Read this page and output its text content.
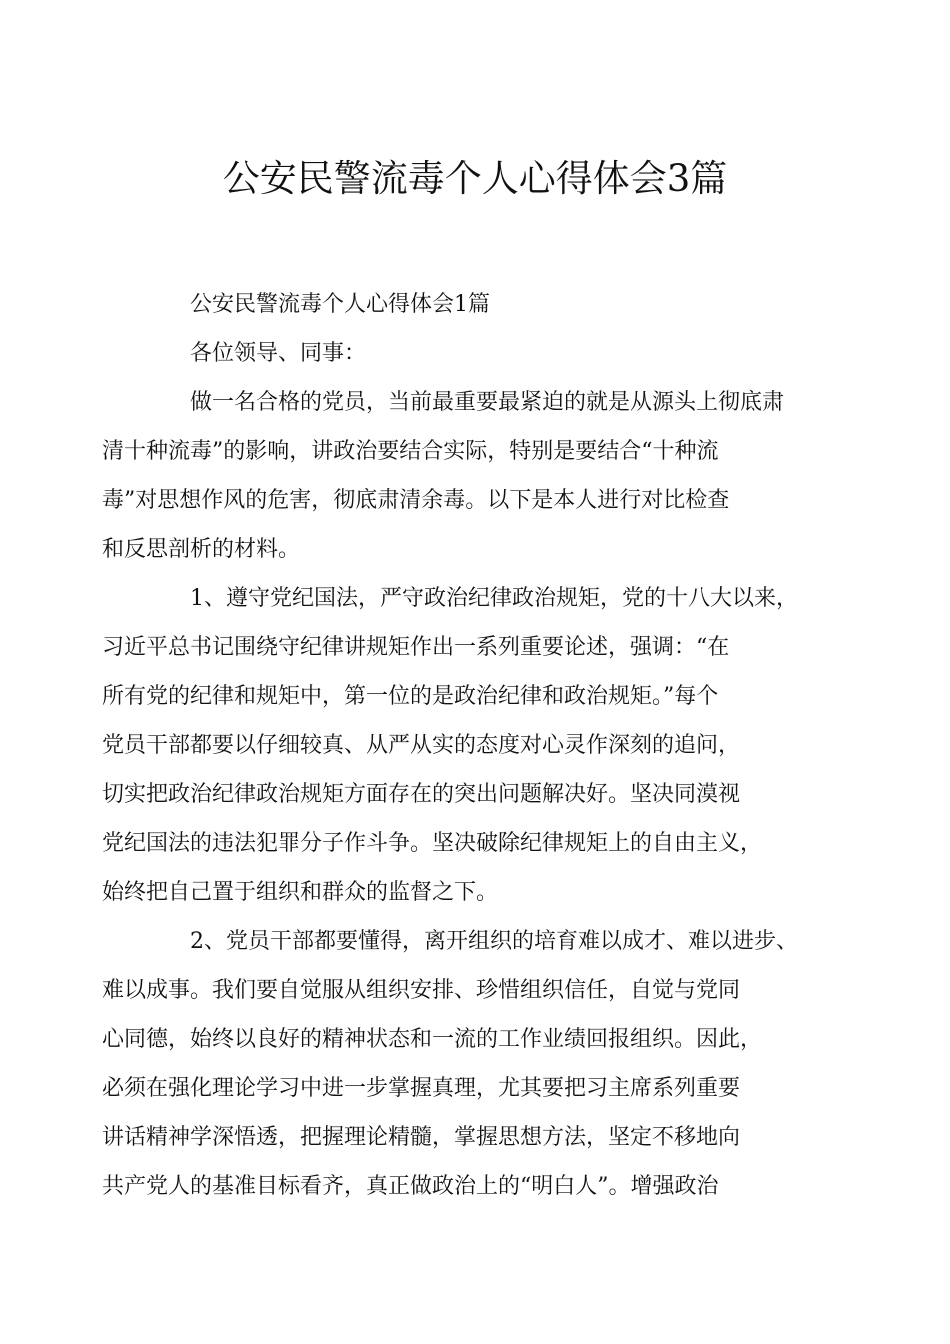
公安民警流毒个人心得体会3篇

公安民警流毒个人心得体会1篇

各位领导、同事：

做一名合格的党员，当前最重要最紧迫的就是从源头上彻底肃
清十种流毒”的影响，讲政治要结合实际，特别是要结合“十种流
毒”对思想作风的危害，彻底肃清余毒。以下是本人进行对比检查
和反思剖析的材料。

1、遵守党纪国法，严守政治纪律政治规矩，党的十八大以来，
习近平总书记围绕守纪律讲规矩作出一系列重要论述，强调：“在
所有党的纪律和规矩中，第一位的是政治纪律和政治规矩。”每个
党员干部都要以仔细较真、从严从实的态度对心灵作深刻的追问，
切实把政治纪律政治规矩方面存在的突出问题解决好。坚决同漠视
党纪国法的违法犯罪分子作斗争。坚决破除纪律规矩上的自由主义，
始终把自己置于组织和群众的监督之下。

2、党员干部都要懂得，离开组织的培育难以成才、难以进步、
难以成事。我们要自觉服从组织安排、珍惜组织信任，自觉与党同
心同德，始终以良好的精神状态和一流的工作业绩回报组织。因此，
必须在强化理论学习中进一步掌握真理，尤其要把习主席系列重要
讲话精神学深悟透，把握理论精髓，掌握思想方法，坚定不移地向
共产党人的基准目标看齐，真正做政治上的“明白人”。增强政治
